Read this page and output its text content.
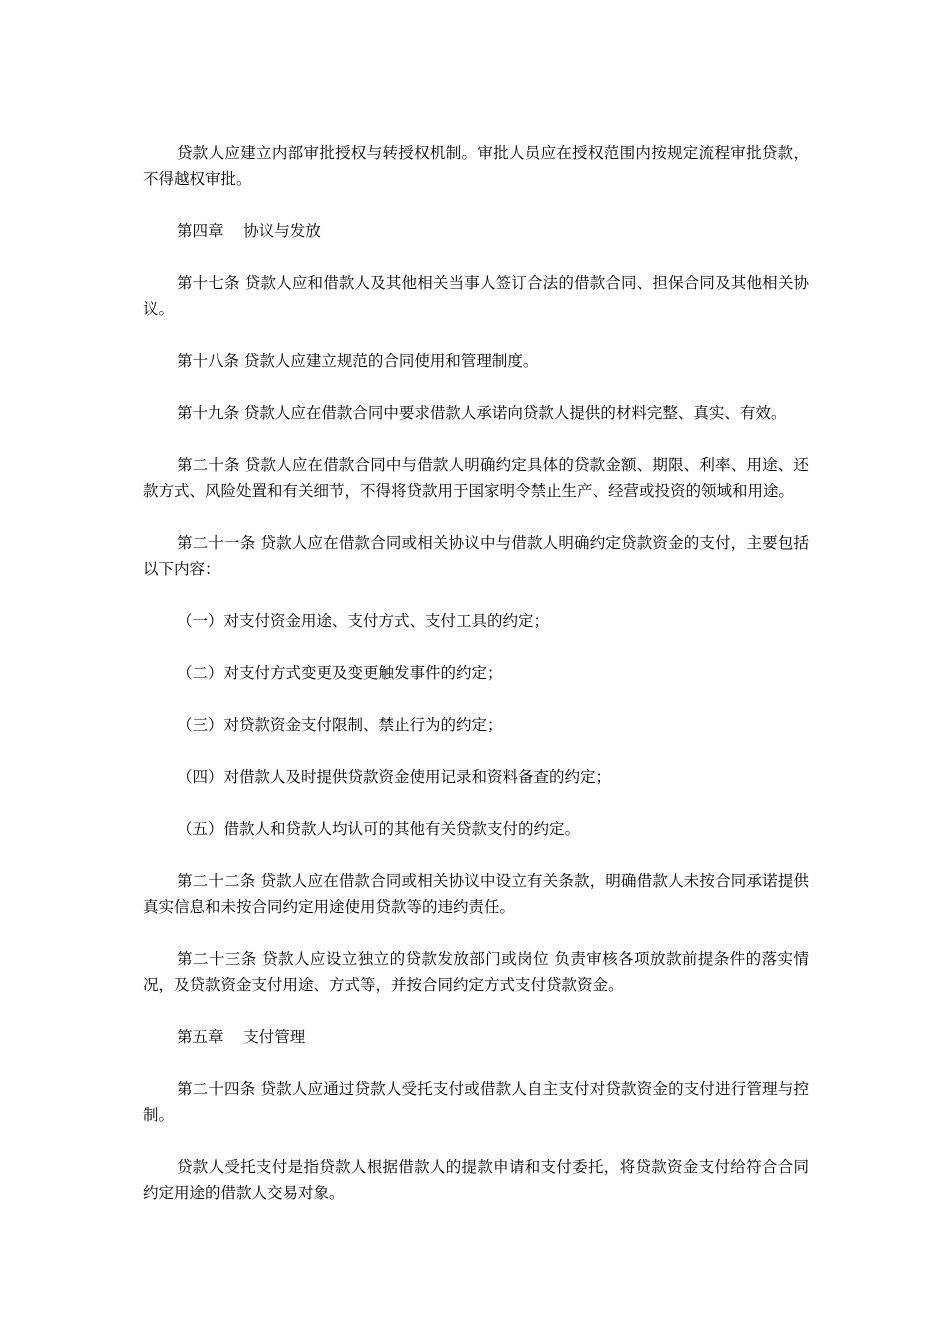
贷款人应建立内部审批授权与转授权机制。审批人员应在授权范围内按规定流程审批贷款，不得越权审批。

第四章    协议与发放

第十七条 贷款人应和借款人及其他相关当事人签订合法的借款合同、担保合同及其他相关协议。

第十八条 贷款人应建立规范的合同使用和管理制度。

第十九条 贷款人应在借款合同中要求借款人承诺向贷款人提供的材料完整、真实、有效。

第二十条 贷款人应在借款合同中与借款人明确约定具体的贷款金额、期限、利率、用途、还款方式、风险处置和有关细节，不得将贷款用于国家明令禁止生产、经营或投资的领域和用途。

第二十一条 贷款人应在借款合同或相关协议中与借款人明确约定贷款资金的支付，主要包括以下内容：

（一）对支付资金用途、支付方式、支付工具的约定；

（二）对支付方式变更及变更触发事件的约定；

（三）对贷款资金支付限制、禁止行为的约定；

（四）对借款人及时提供贷款资金使用记录和资料备查的约定；

（五）借款人和贷款人均认可的其他有关贷款支付的约定。

第二十二条 贷款人应在借款合同或相关协议中设立有关条款，明确借款人未按合同承诺提供真实信息和未按合同约定用途使用贷款等的违约责任。

第二十三条 贷款人应设立独立的贷款发放部门或岗位 负责审核各项放款前提条件的落实情况，及贷款资金支付用途、方式等，并按合同约定方式支付贷款资金。

第五章    支付管理

第二十四条 贷款人应通过贷款人受托支付或借款人自主支付对贷款资金的支付进行管理与控制。

贷款人受托支付是指贷款人根据借款人的提款申请和支付委托，将贷款资金支付给符合合同约定用途的借款人交易对象。
